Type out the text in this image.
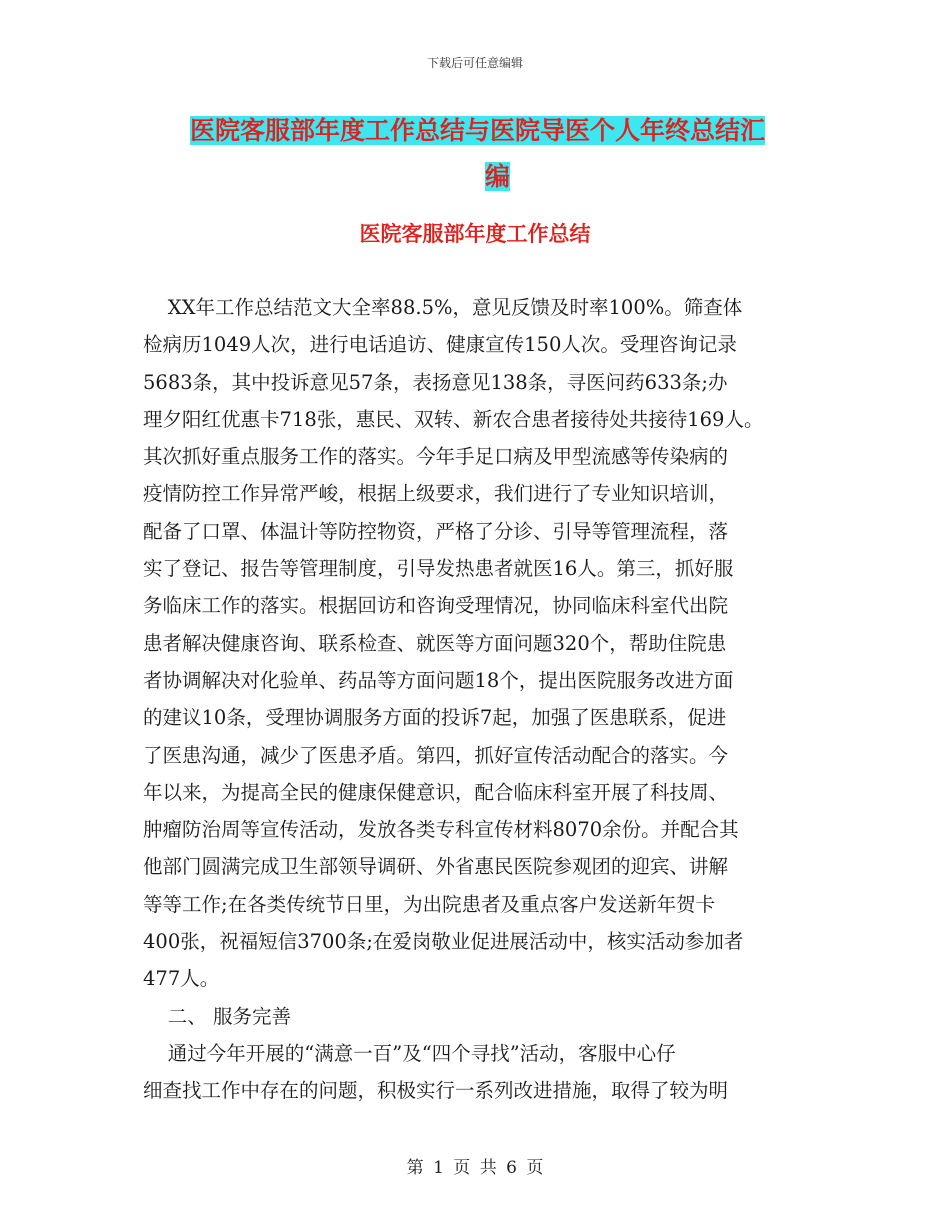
下载后可任意编辑
医院客服部年度工作总结与医院导医个人年终总结汇
编
医院客服部年度工作总结
XX年工作总结范文大全率88.5%，意见反馈及时率100%。筛查体
检病历1049人次，进行电话追访、健康宣传150人次。受理咨询记录
5683条，其中投诉意见57条，表扬意见138条，寻医问药633条;办
理夕阳红优惠卡718张，惠民、双转、新农合患者接待处共接待169人。
其次抓好重点服务工作的落实。今年手足口病及甲型流感等传染病的
疫情防控工作异常严峻，根据上级要求，我们进行了专业知识培训，
配备了口罩、体温计等防控物资，严格了分诊、引导等管理流程，落
实了登记、报告等管理制度，引导发热患者就医16人。第三，抓好服
务临床工作的落实。根据回访和咨询受理情况，协同临床科室代出院
患者解决健康咨询、联系检查、就医等方面问题320个，帮助住院患
者协调解决对化验单、药品等方面问题18个，提出医院服务改进方面
的建议10条，受理协调服务方面的投诉7起，加强了医患联系，促进
了医患沟通，减少了医患矛盾。第四，抓好宣传活动配合的落实。今
年以来，为提高全民的健康保健意识，配合临床科室开展了科技周、
肿瘤防治周等宣传活动，发放各类专科宣传材料8070余份。并配合其
他部门圆满完成卫生部领导调研、外省惠民医院参观团的迎宾、讲解
等等工作;在各类传统节日里，为出院患者及重点客户发送新年贺卡
400张，祝福短信3700条;在爱岗敬业促进展活动中，核实活动参加者
477人。
二、 服务完善
通过今年开展的“满意一百”及“四个寻找”活动，客服中心仔
细查找工作中存在的问题，积极实行一系列改进措施，取得了较为明
第 1 页 共 6 页
